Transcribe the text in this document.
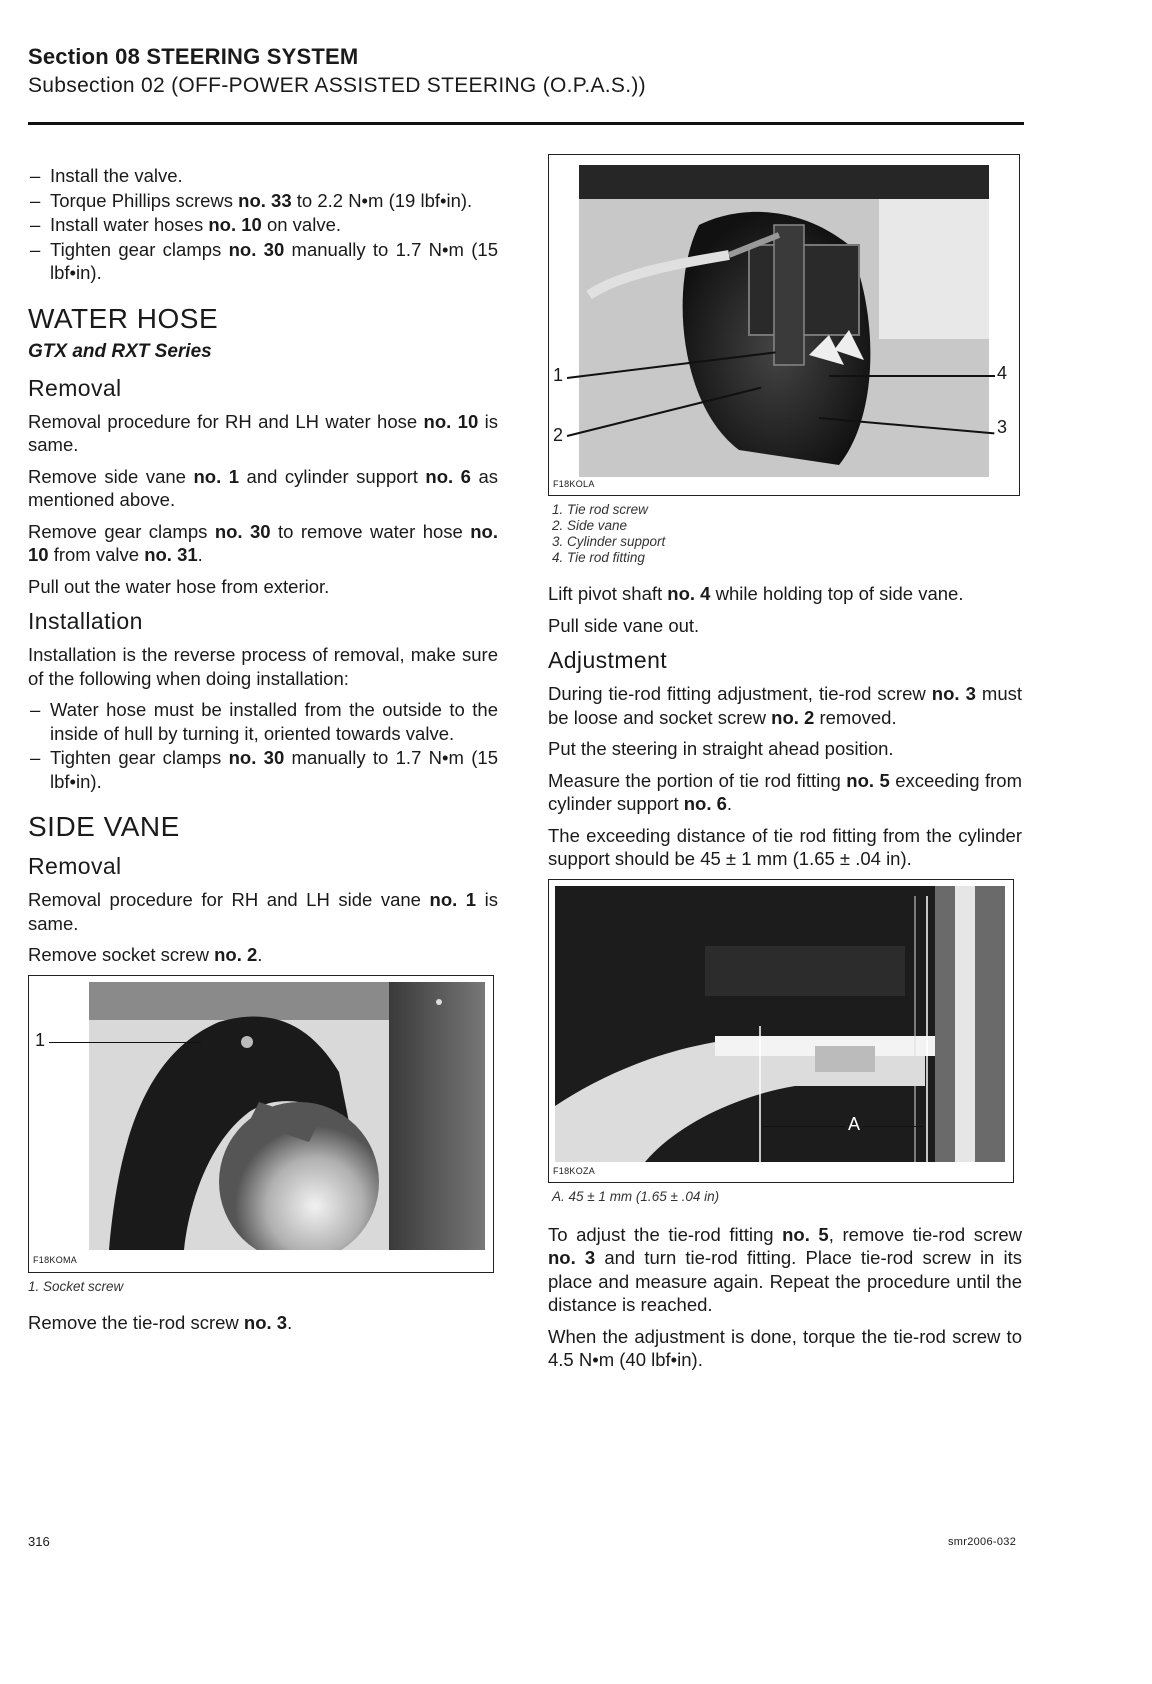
Section 08 STEERING SYSTEM
Subsection 02 (OFF-POWER ASSISTED STEERING (O.P.A.S.))
– Install the valve.
– Torque Phillips screws no. 33 to 2.2 N•m (19 lbf•in).
– Install water hoses no. 10 on valve.
– Tighten gear clamps no. 30 manually to 1.7 N•m (15 lbf•in).
WATER HOSE
GTX and RXT Series
Removal

Removal procedure for RH and LH water hose no. 10 is same.

Remove side vane no. 1 and cylinder support no. 6 as mentioned above.

Remove gear clamps no. 30 to remove water hose no. 10 from valve no. 31.

Pull out the water hose from exterior.

Installation

Installation is the reverse process of removal, make sure of the following when doing installation:

– Water hose must be installed from the outside to the inside of hull by turning it, oriented towards valve.
– Tighten gear clamps no. 30 manually to 1.7 N•m (15 lbf•in).
SIDE VANE
Removal

Removal procedure for RH and LH side vane no. 1 is same.

Remove socket screw no. 2.

1
F18KOMA
1. Socket screw

Remove the tie-rod screw no. 3.

1
2
4
3
F18KOLA
1. Tie rod screw
2. Side vane
3. Cylinder support
4. Tie rod fitting

Lift pivot shaft no. 4 while holding top of side vane.

Pull side vane out.

Adjustment

During tie-rod fitting adjustment, tie-rod screw no. 3 must be loose and socket screw no. 2 removed.

Put the steering in straight ahead position.

Measure the portion of tie rod fitting no. 5 exceeding from cylinder support no. 6.

The exceeding distance of tie rod fitting from the cylinder support should be 45 ± 1 mm (1.65 ± .04 in).

A
F18KOZA
A. 45 ± 1 mm (1.65 ± .04 in)

To adjust the tie-rod fitting no. 5, remove tie-rod screw no. 3 and turn tie-rod fitting. Place tie-rod screw in its place and measure again. Repeat the procedure until the distance is reached.

When the adjustment is done, torque the tie-rod screw to 4.5 N•m (40 lbf•in).

316	smr2006-032
